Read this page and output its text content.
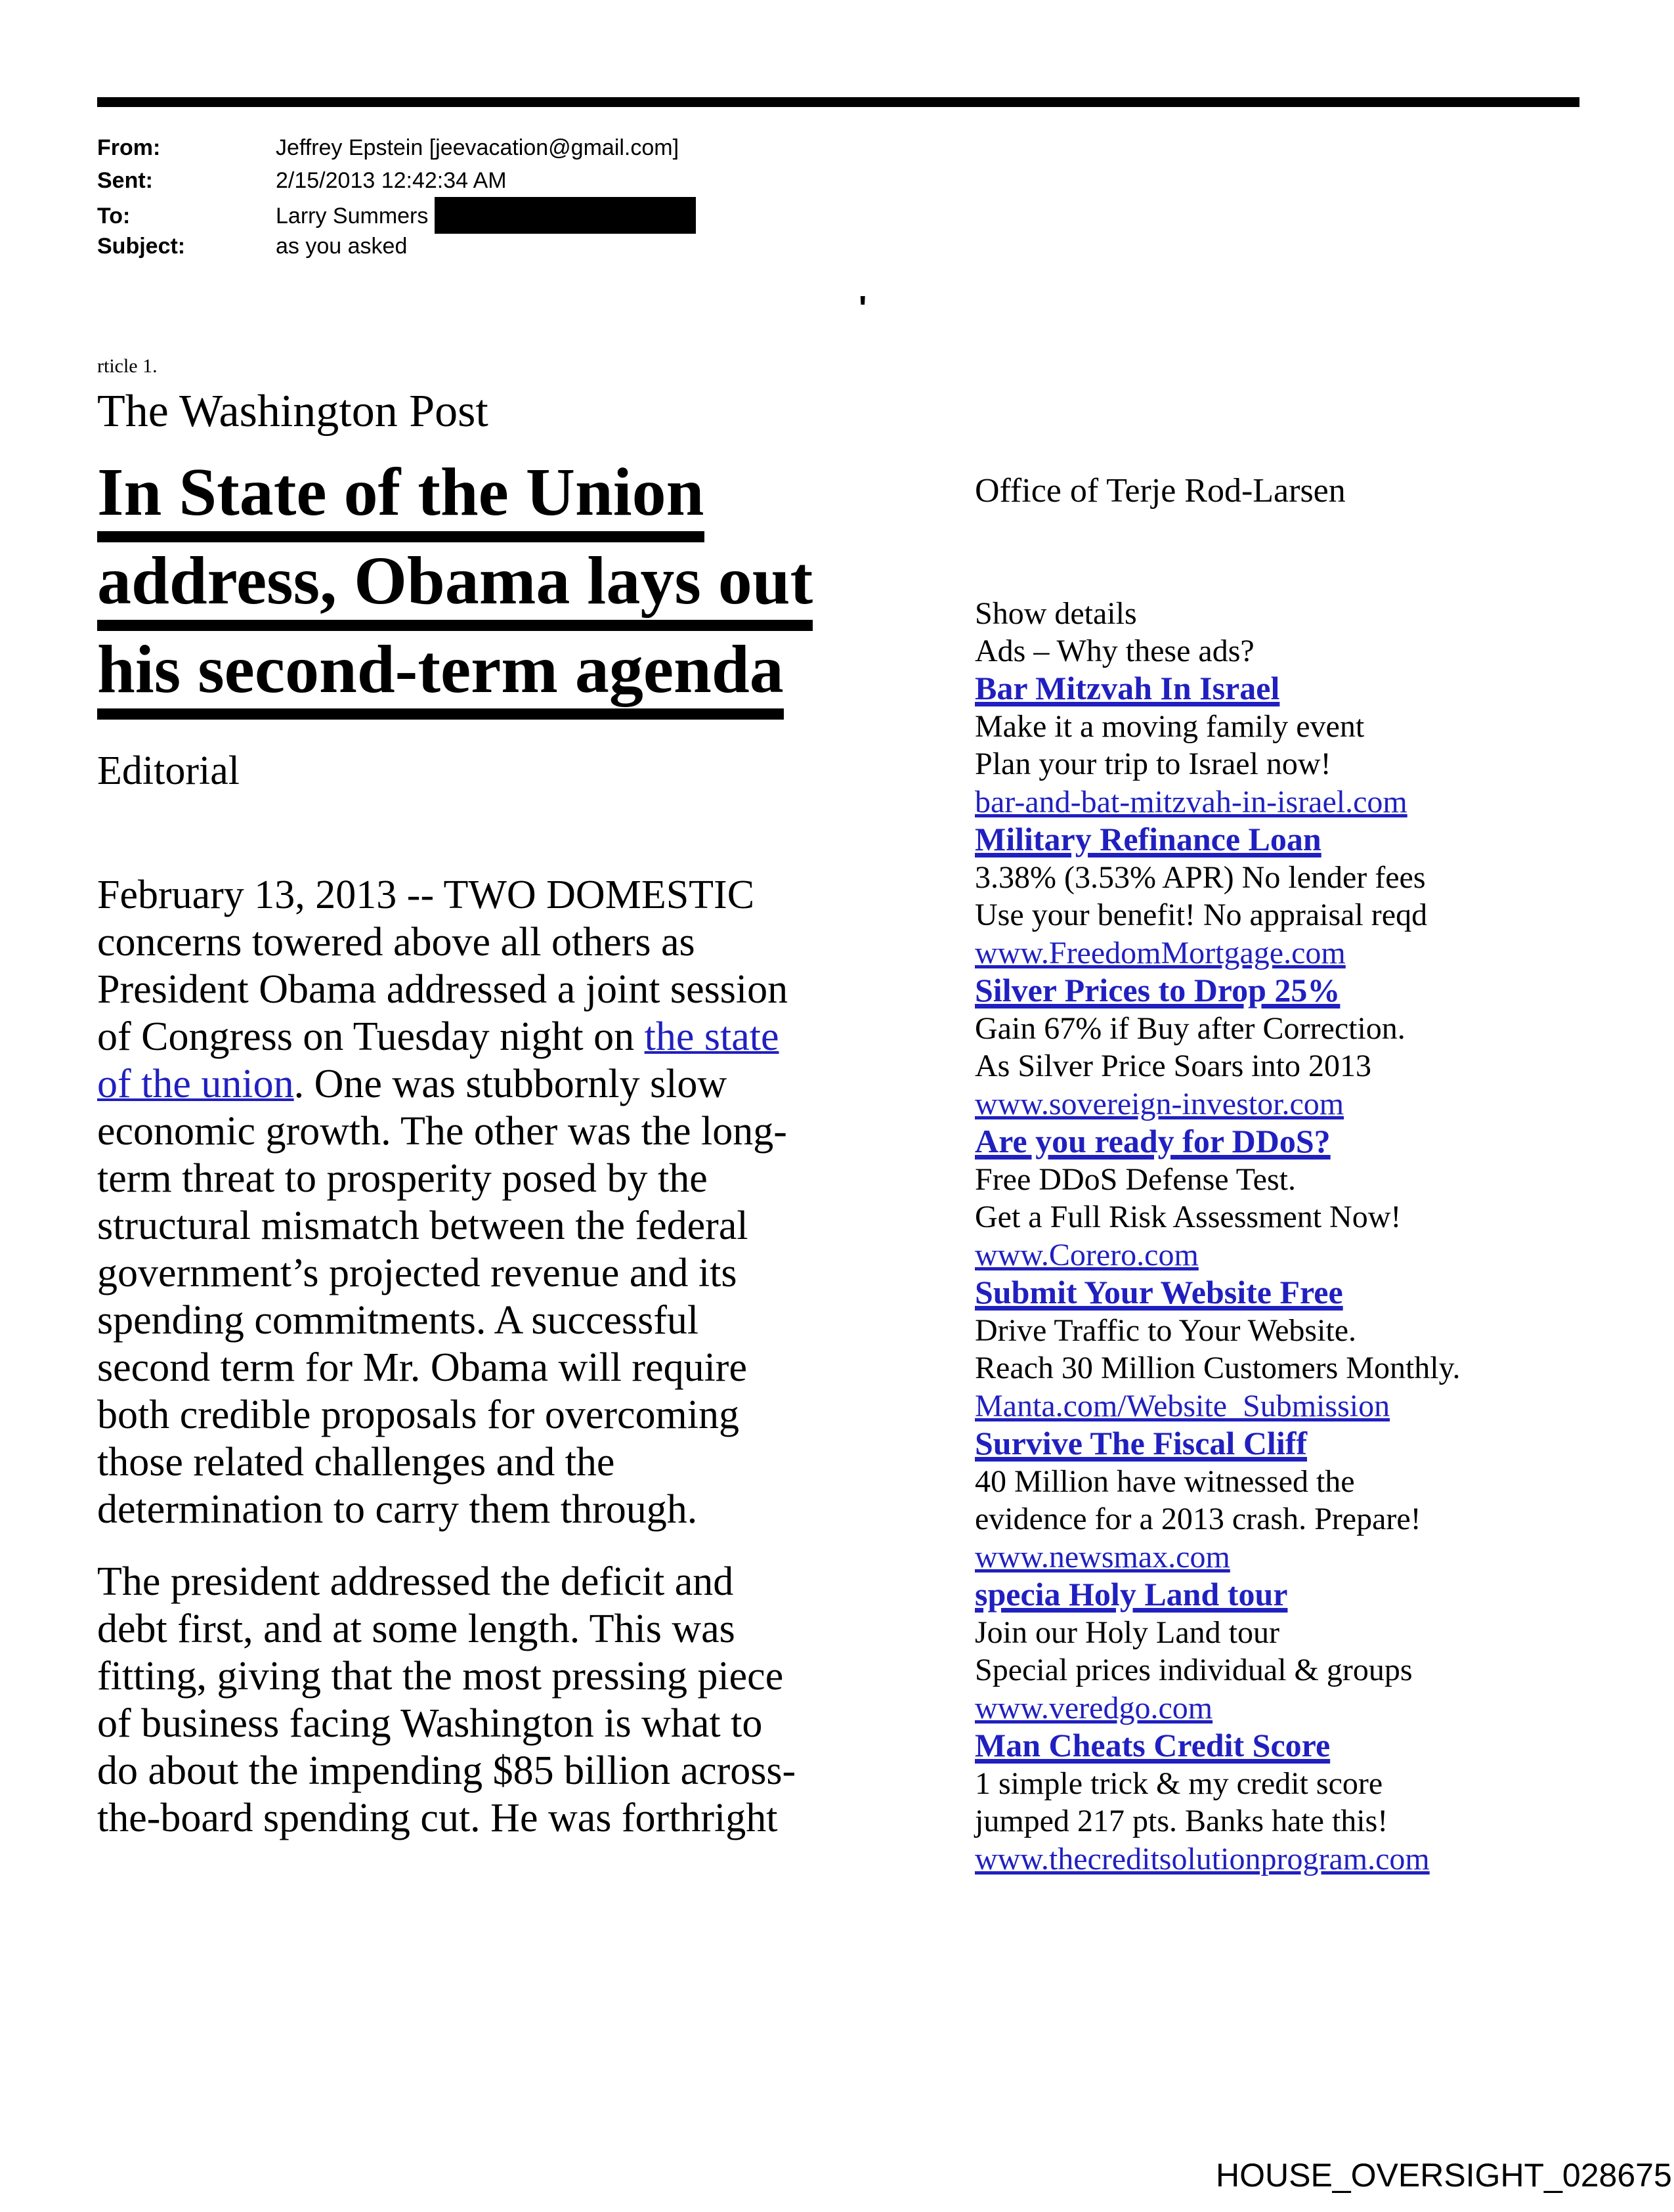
From:	Jeffrey Epstein [jeevacation@gmail.com]
Sent:	2/15/2013 12:42:34 AM
To:	Larry Summers
Subject:	as you asked
'
rticle 1.
The Washington Post
In State of the Union
address, Obama lays out
his second-term agenda
Editorial
February 13, 2013 -- TWO DOMESTIC
concerns towered above all others as
President Obama addressed a joint session
of Congress on Tuesday night on the state
of the union. One was stubbornly slow
economic growth. The other was the long-
term threat to prosperity posed by the
structural mismatch between the federal
government’s projected revenue and its
spending commitments. A successful
second term for Mr. Obama will require
both credible proposals for overcoming
those related challenges and the
determination to carry them through.
The president addressed the deficit and
debt first, and at some length. This was
fitting, giving that the most pressing piece
of business facing Washington is what to
do about the impending $85 billion across-
the-board spending cut. He was forthright
Office of Terje Rod-Larsen
Show details
Ads – Why these ads?
Bar Mitzvah In Israel
Make it a moving family event
Plan your trip to Israel now!
bar-and-bat-mitzvah-in-israel.com
Military Refinance Loan
3.38% (3.53% APR) No lender fees
Use your benefit! No appraisal reqd
www.FreedomMortgage.com
Silver Prices to Drop 25%
Gain 67% if Buy after Correction.
As Silver Price Soars into 2013
www.sovereign-investor.com
Are you ready for DDoS?
Free DDoS Defense Test.
Get a Full Risk Assessment Now!
www.Corero.com
Submit Your Website Free
Drive Traffic to Your Website.
Reach 30 Million Customers Monthly.
Manta.com/Website_Submission
Survive The Fiscal Cliff
40 Million have witnessed the
evidence for a 2013 crash. Prepare!
www.newsmax.com
specia Holy Land tour
Join our Holy Land tour
Special prices individual & groups
www.veredgo.com
Man Cheats Credit Score
1 simple trick & my credit score
jumped 217 pts. Banks hate this!
www.thecreditsolutionprogram.com
HOUSE_OVERSIGHT_028675
